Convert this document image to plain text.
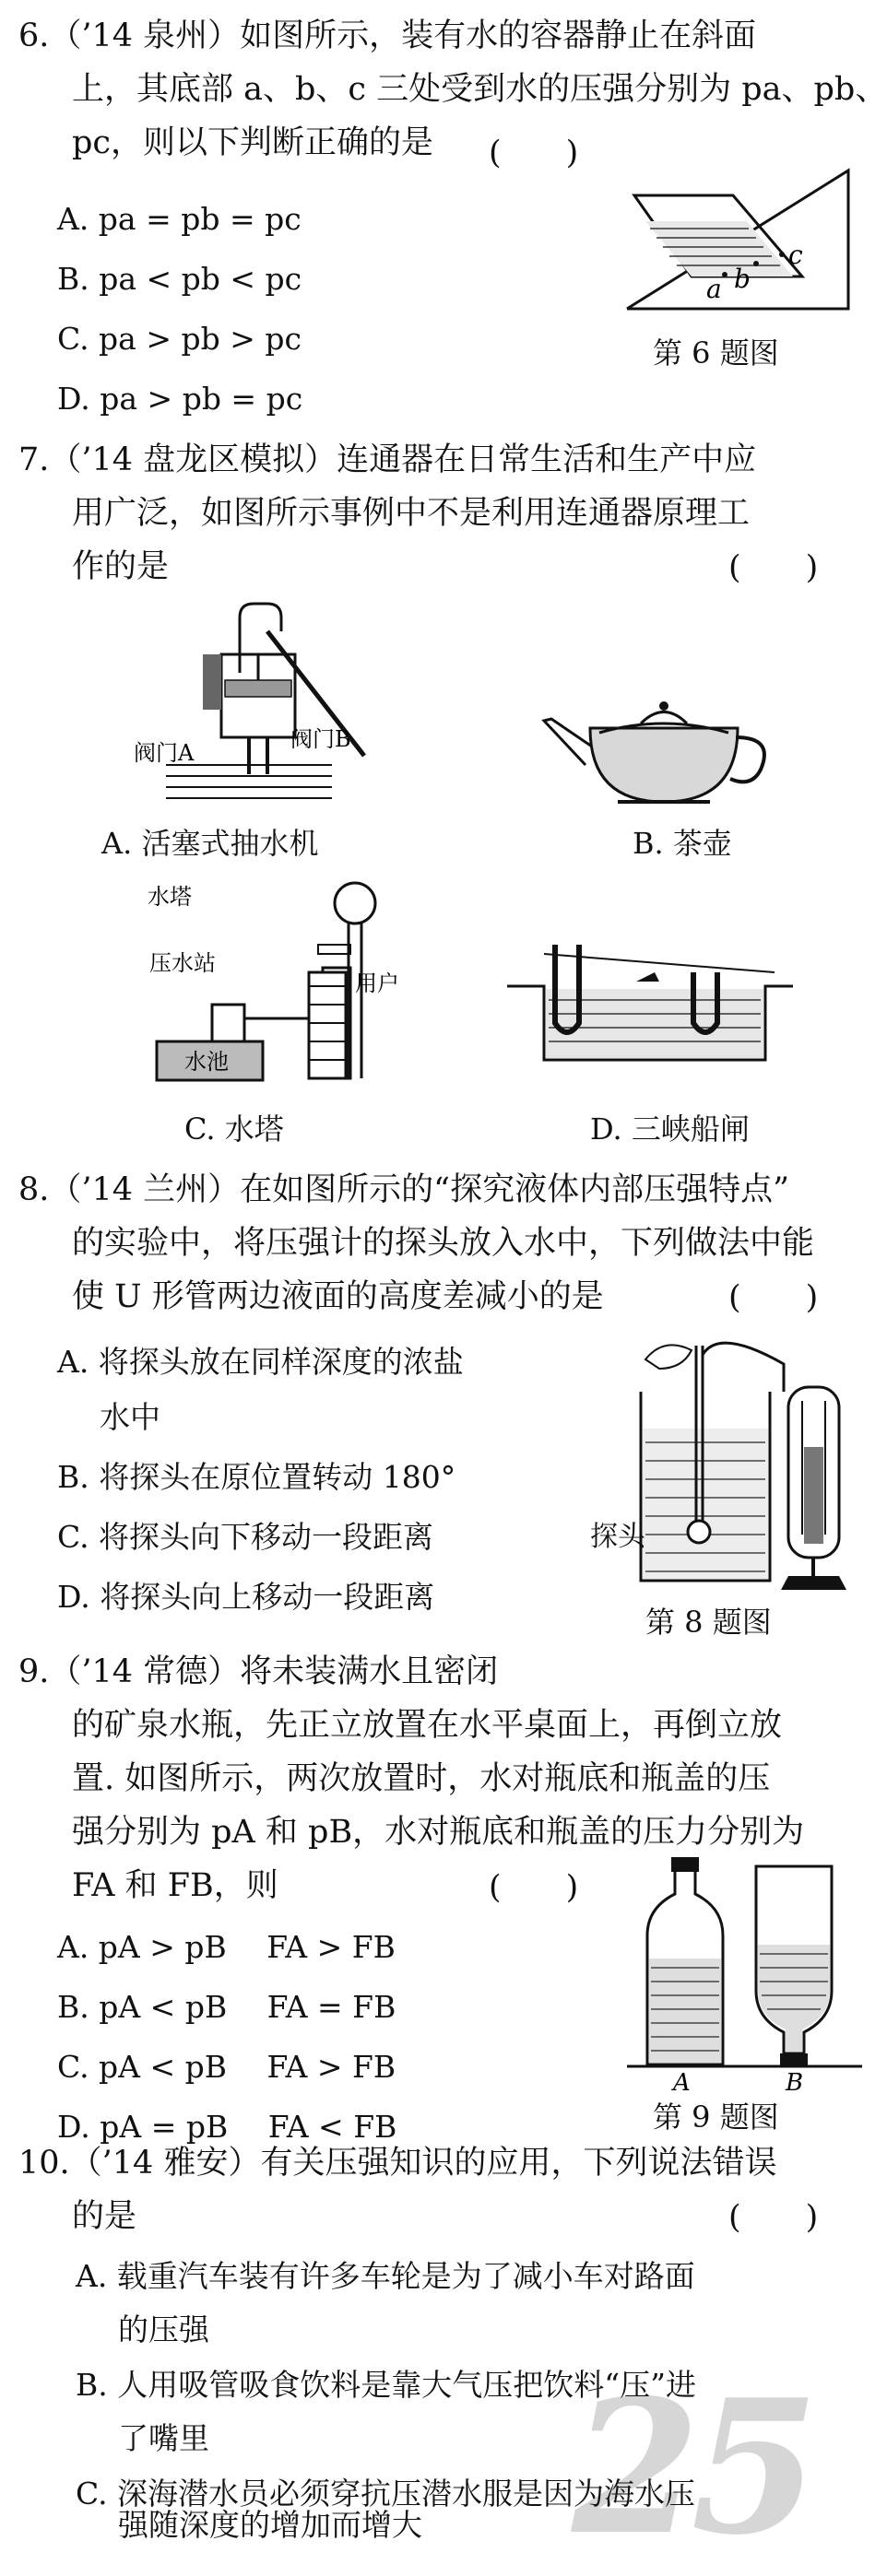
25
6.（’14 泉州）如图所示，装有水的容器静止在斜面
上，其底部 a、b、c 三处受到水的压强分别为 pa、pb、
pc，则以下判断正确的是	(　　)
A. pa = pb = pc
B. pa < pb < pc
C. pa > pb > pc
D. pa > pb = pc
a b
c
第 6 题图
7.（’14 盘龙区模拟）连通器在日常生活和生产中应
用广泛，如图所示事例中不是利用连通器原理工
作的是	(　　)
阀门A
阀门B
A. 活塞式抽水机	B. 茶壶
水塔
压水站
水池
用户
C. 水塔	D. 三峡船闸
8.（’14 兰州）在如图所示的“探究液体内部压强特点”
的实验中，将压强计的探头放入水中，下列做法中能
使 U 形管两边液面的高度差减小的是	(　　)
A. 将探头放在同样深度的浓盐
水中
B. 将探头在原位置转动 180°
C. 将探头向下移动一段距离
D. 将探头向上移动一段距离
探头
第 8 题图
9.（’14 常德）将未装满水且密闭
的矿泉水瓶，先正立放置在水平桌面上，再倒立放
置. 如图所示，两次放置时，水对瓶底和瓶盖的压
强分别为 pA 和 pB，水对瓶底和瓶盖的压力分别为
FA 和 FB，则	(　　)
A. pA > pB　 FA > FB
B. pA < pB　 FA = FB
C. pA < pB　 FA > FB
D. pA = pB　 FA < FB
A	B
第 9 题图
10.（’14 雅安）有关压强知识的应用，下列说法错误
的是	(　　)
A. 载重汽车装有许多车轮是为了减小车对路面
的压强
B. 人用吸管吸食饮料是靠大气压把饮料“压”进
了嘴里
C. 深海潜水员必须穿抗压潜水服是因为海水压
强随深度的增加而增大
